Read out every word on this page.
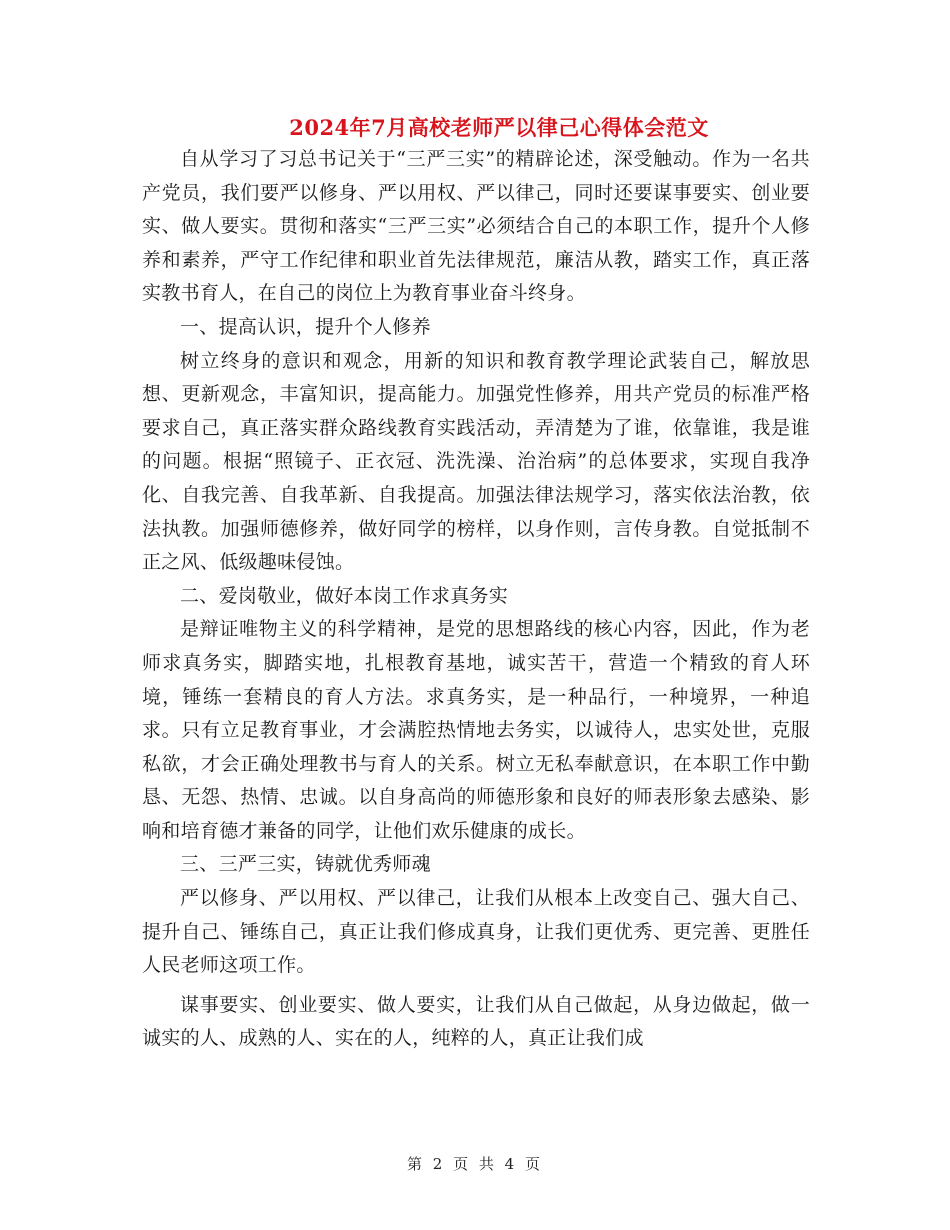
2024年7月高校老师严以律己心得体会范文

自从学习了习总书记关于“三严三实”的精辟论述，深受触动。作为一名共产党员，我们要严以修身、严以用权、严以律己，同时还要谋事要实、创业要实、做人要实。贯彻和落实“三严三实”必须结合自己的本职工作，提升个人修养和素养，严守工作纪律和职业首先法律规范，廉洁从教，踏实工作，真正落实教书育人，在自己的岗位上为教育事业奋斗终身。

一、提高认识，提升个人修养

树立终身的意识和观念，用新的知识和教育教学理论武装自己，解放思想、更新观念，丰富知识，提高能力。加强党性修养，用共产党员的标准严格要求自己，真正落实群众路线教育实践活动，弄清楚为了谁，依靠谁，我是谁的问题。根据“照镜子、正衣冠、洗洗澡、治治病”的总体要求，实现自我净化、自我完善、自我革新、自我提高。加强法律法规学习，落实依法治教，依法执教。加强师德修养，做好同学的榜样，以身作则，言传身教。自觉抵制不正之风、低级趣味侵蚀。

二、爱岗敬业，做好本岗工作求真务实

是辩证唯物主义的科学精神，是党的思想路线的核心内容，因此，作为老师求真务实，脚踏实地，扎根教育基地，诚实苦干，营造一个精致的育人环境，锤练一套精良的育人方法。求真务实，是一种品行，一种境界，一种追求。只有立足教育事业，才会满腔热情地去务实，以诚待人，忠实处世，克服私欲，才会正确处理教书与育人的关系。树立无私奉献意识，在本职工作中勤恳、无怨、热情、忠诚。以自身高尚的师德形象和良好的师表形象去感染、影响和培育德才兼备的同学，让他们欢乐健康的成长。

三、三严三实，铸就优秀师魂

严以修身、严以用权、严以律己，让我们从根本上改变自己、强大自己、提升自己、锤练自己，真正让我们修成真身，让我们更优秀、更完善、更胜任人民老师这项工作。

谋事要实、创业要实、做人要实，让我们从自己做起，从身边做起，做一诚实的人、成熟的人、实在的人，纯粹的人，真正让我们成

第 2 页 共 4 页
